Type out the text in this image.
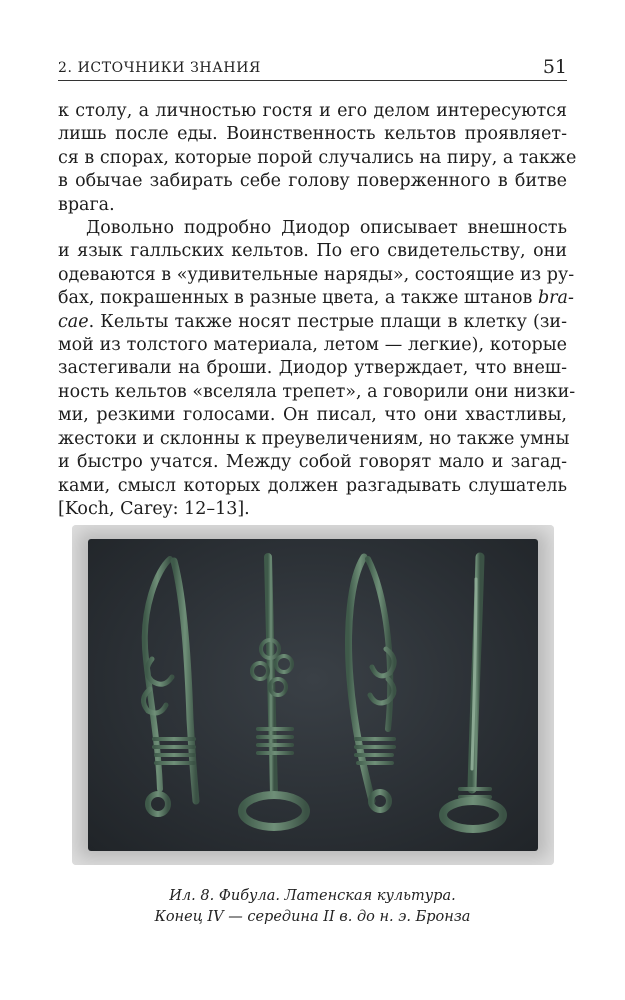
2. ИСТОЧНИКИ ЗНАНИЯ	51

к столу, а личностью гостя и его делом интересуются
лишь после еды. Воинственность кельтов проявляет-
ся в спорах, которые порой случались на пиру, а также
в обычае забирать себе голову поверженного в битве
врага.

Довольно подробно Диодор описывает внешность
и язык галльских кельтов. По его свидетельству, они
одеваются в «удивительные наряды», состоящие из ру-
бах, покрашенных в разные цвета, а также штанов bra-
cae. Кельты также носят пестрые плащи в клетку (зи-
мой из толстого материала, летом — легкие), которые
застегивали на броши. Диодор утверждает, что внеш-
ность кельтов «вселяла трепет», а говорили они низки-
ми, резкими голосами. Он писал, что они хвастливы,
жестоки и склонны к преувеличениям, но также умны
и быстро учатся. Между собой говорят мало и загад-
ками, смысл которых должен разгадывать слушатель
[Koch, Carey: 12–13].

Ил. 8. Фибула. Латенская культура.
Конец IV — середина II в. до н. э. Бронза
